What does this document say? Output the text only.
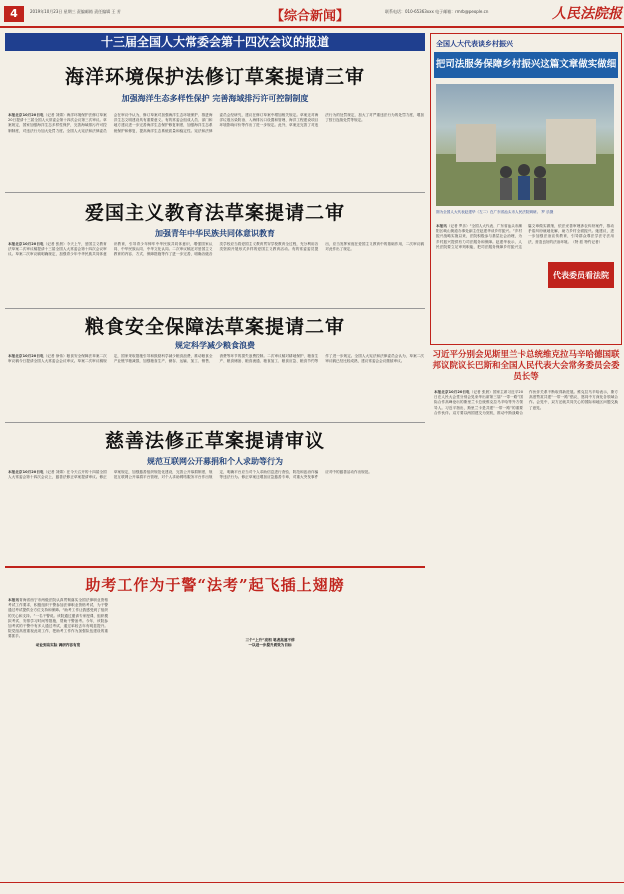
4	2019年10月23日 星期三 责编邮箱 责任编辑 王 芳	【综合新闻】	联系电话：010-65363xxx 电子邮箱：rmrb@people.cn	人民法院报
十三届全国人大常委会第十四次会议的报道
海洋环境保护法修订草案提请三审
加强海洋生态多样性保护 完善海域排污许可控制制度
本报北京10月20日电（记者 刘婧）海洋环境保护法修订草案20日提请十三届全国人大常委会第十四次会议第三次审议。草案规定，国家加强海洋生态多样性保护，完善海域排污许可控制制度，对违法行为加大处罚力度。全国人大宪法和法律委员会在审议中认为，修订草案对加强海洋生态环境保护、推进海洋生态文明建设具有重要意义。有的常委会组成人员、部门和地方建议进一步完善海洋生态保护修复制度，加强海洋生态系统保护和修复，提高海洋生态系统质量和稳定性。宪法和法律委员会经研究，建议在修订草案中增加相关规定。草案还对海洋垃圾污染防治、入海排污口设置和管理、海洋工程建设项目环境影响评价等作出了进一步规定。此外，草案还完善了对违法行为的处罚规定，加大了对严重违法行为的处罚力度，增加了按日连续处罚等规定。
爱国主义教育法草案提请二审
加强青年中华民族共同体意识教育
本报北京10月20日电（记者 张晨）今天上午，爱国主义教育法草案二次审议稿提请十三届全国人大常委会第十四次会议审议。草案二次审议稿明确规定，加强青少年中华民族共同体意识教育，引导青少年铸牢中华民族共同体意识，增强国家认同、中华民族认同、中华文化认同。二次审议稿还对爱国主义教育的内容、方式、保障措施等作了进一步完善，明确各级各类学校应当将爱国主义教育贯穿学校教育全过程，充分利用各类资源开展形式多样的爱国主义教育活动。有的常委委员提出，应当发挥家庭在爱国主义教育中的基础作用，二次审议稿对此作出了规定。
粮食安全保障法草案提请二审
规定科学减少粮食浪费
本报北京10月20日电（记者 徐伟）粮食安全保障法草案二次审议稿今日提请全国人大常委会会议审议。草案二次审议稿规定，国家采取措施引导和鼓励科学减少粮食浪费，推动粮食全产业链节粮减损，加强粮食生产、储存、运输、加工、销售、消费等环节的损失浪费控制。二次审议稿对耕地保护、粮食生产、粮食储备、粮食流通、粮食加工、粮食应急、粮食节约等作了进一步规定。全国人大宪法和法律委员会认为，草案二次审议稿已经比较成熟，建议常委会会议继续审议。
慈善法修正草案提请审议
规范互联网公开募捐和个人求助等行为
本报北京10月20日电（记者 刘婧）在今天召开的十四届全国人大常委会第十四次会议上，慈善法修正草案提请审议。修正草案规定，加强慈善组织规范化建设，完善公开募捐制度，规范互联网公开募捐平台管理，对个人求助网络服务平台作出规定，明确平台应当对个人求助信息进行查验，防范和惩治诈骗等违法行为。修正草案还增加应急慈善专章，对重大突发事件应对中的慈善活动作出规范。
助考工作为于警“法考”起飞插上翅膀
本报讯青海省西宁市两级法院认真贯彻落实全国法律职业资格考试工作要求，积极组织干警参加法律职业资格考试，为干警通过考试提供全方位支持和保障。“助考工作让我感受到了组织的关心和支持。”一名干警说。该院通过邀请专家授课、组织模拟考试、安排学习时间等措施，帮助干警备考。今年，该院参加考试的干警中有多人通过考试，通过率较去年有明显提升。院党组高度重视此项工作，把助考工作作为加强队伍建设的重要抓手。
动业到岛实际 调研内容有宽
三个“上升”亮相 笔者高速不停
一以进一步提升质效为目标
全国人大代表谈乡村振兴
把司法服务保障乡村振兴这篇文章做实做细
图为全国人大代表赵建华（左二）在广东省汕头市人民法院调研。 罗 乐摄
本报讯（记者 罗乐）“全国人大代表、广东省汕头市潮阳区峡山街道办事处副主任赵建华谈乡村振兴。”乡村振兴战略实施以来，法院积极参与基层社会治理，为乡村振兴提供有力司法服务和保障。赵建华表示，人民法院要立足审判职能，把司法服务保障乡村振兴这篇文章做实做细，依法妥善审理涉农纠纷案件，推动矛盾纠纷就地化解，助力乡村全面振兴。她建议，进一步加强法治宣传教育，引导群众尊法学法守法用法，营造良好的法治环境。（特 派 特约记者）
代表委员看法院
习近平分别会见斯里兰卡总统维克拉马辛哈德国联邦议院议长巴斯和全国人民代表大会常务委员会委员长等
本报北京10月20日电（记者 张晨）国家主席习近平20日在人民大会堂分别会见来华出席第三届“一带一路”国际合作高峰论坛的斯里兰卡总统维克拉马辛哈等外方领导人。习近平指出，斯里兰卡是共建“一带一路”的重要合作伙伴。双方要以两国建交为契机，推动中斯战略合作伙伴关系不断取得新进展。维克拉马辛哈表示，斯方高度赞赏共建“一带一路”倡议，愿同中方深化各领域合作。会见中，双方还就共同关心的国际和地区问题交换了意见。
